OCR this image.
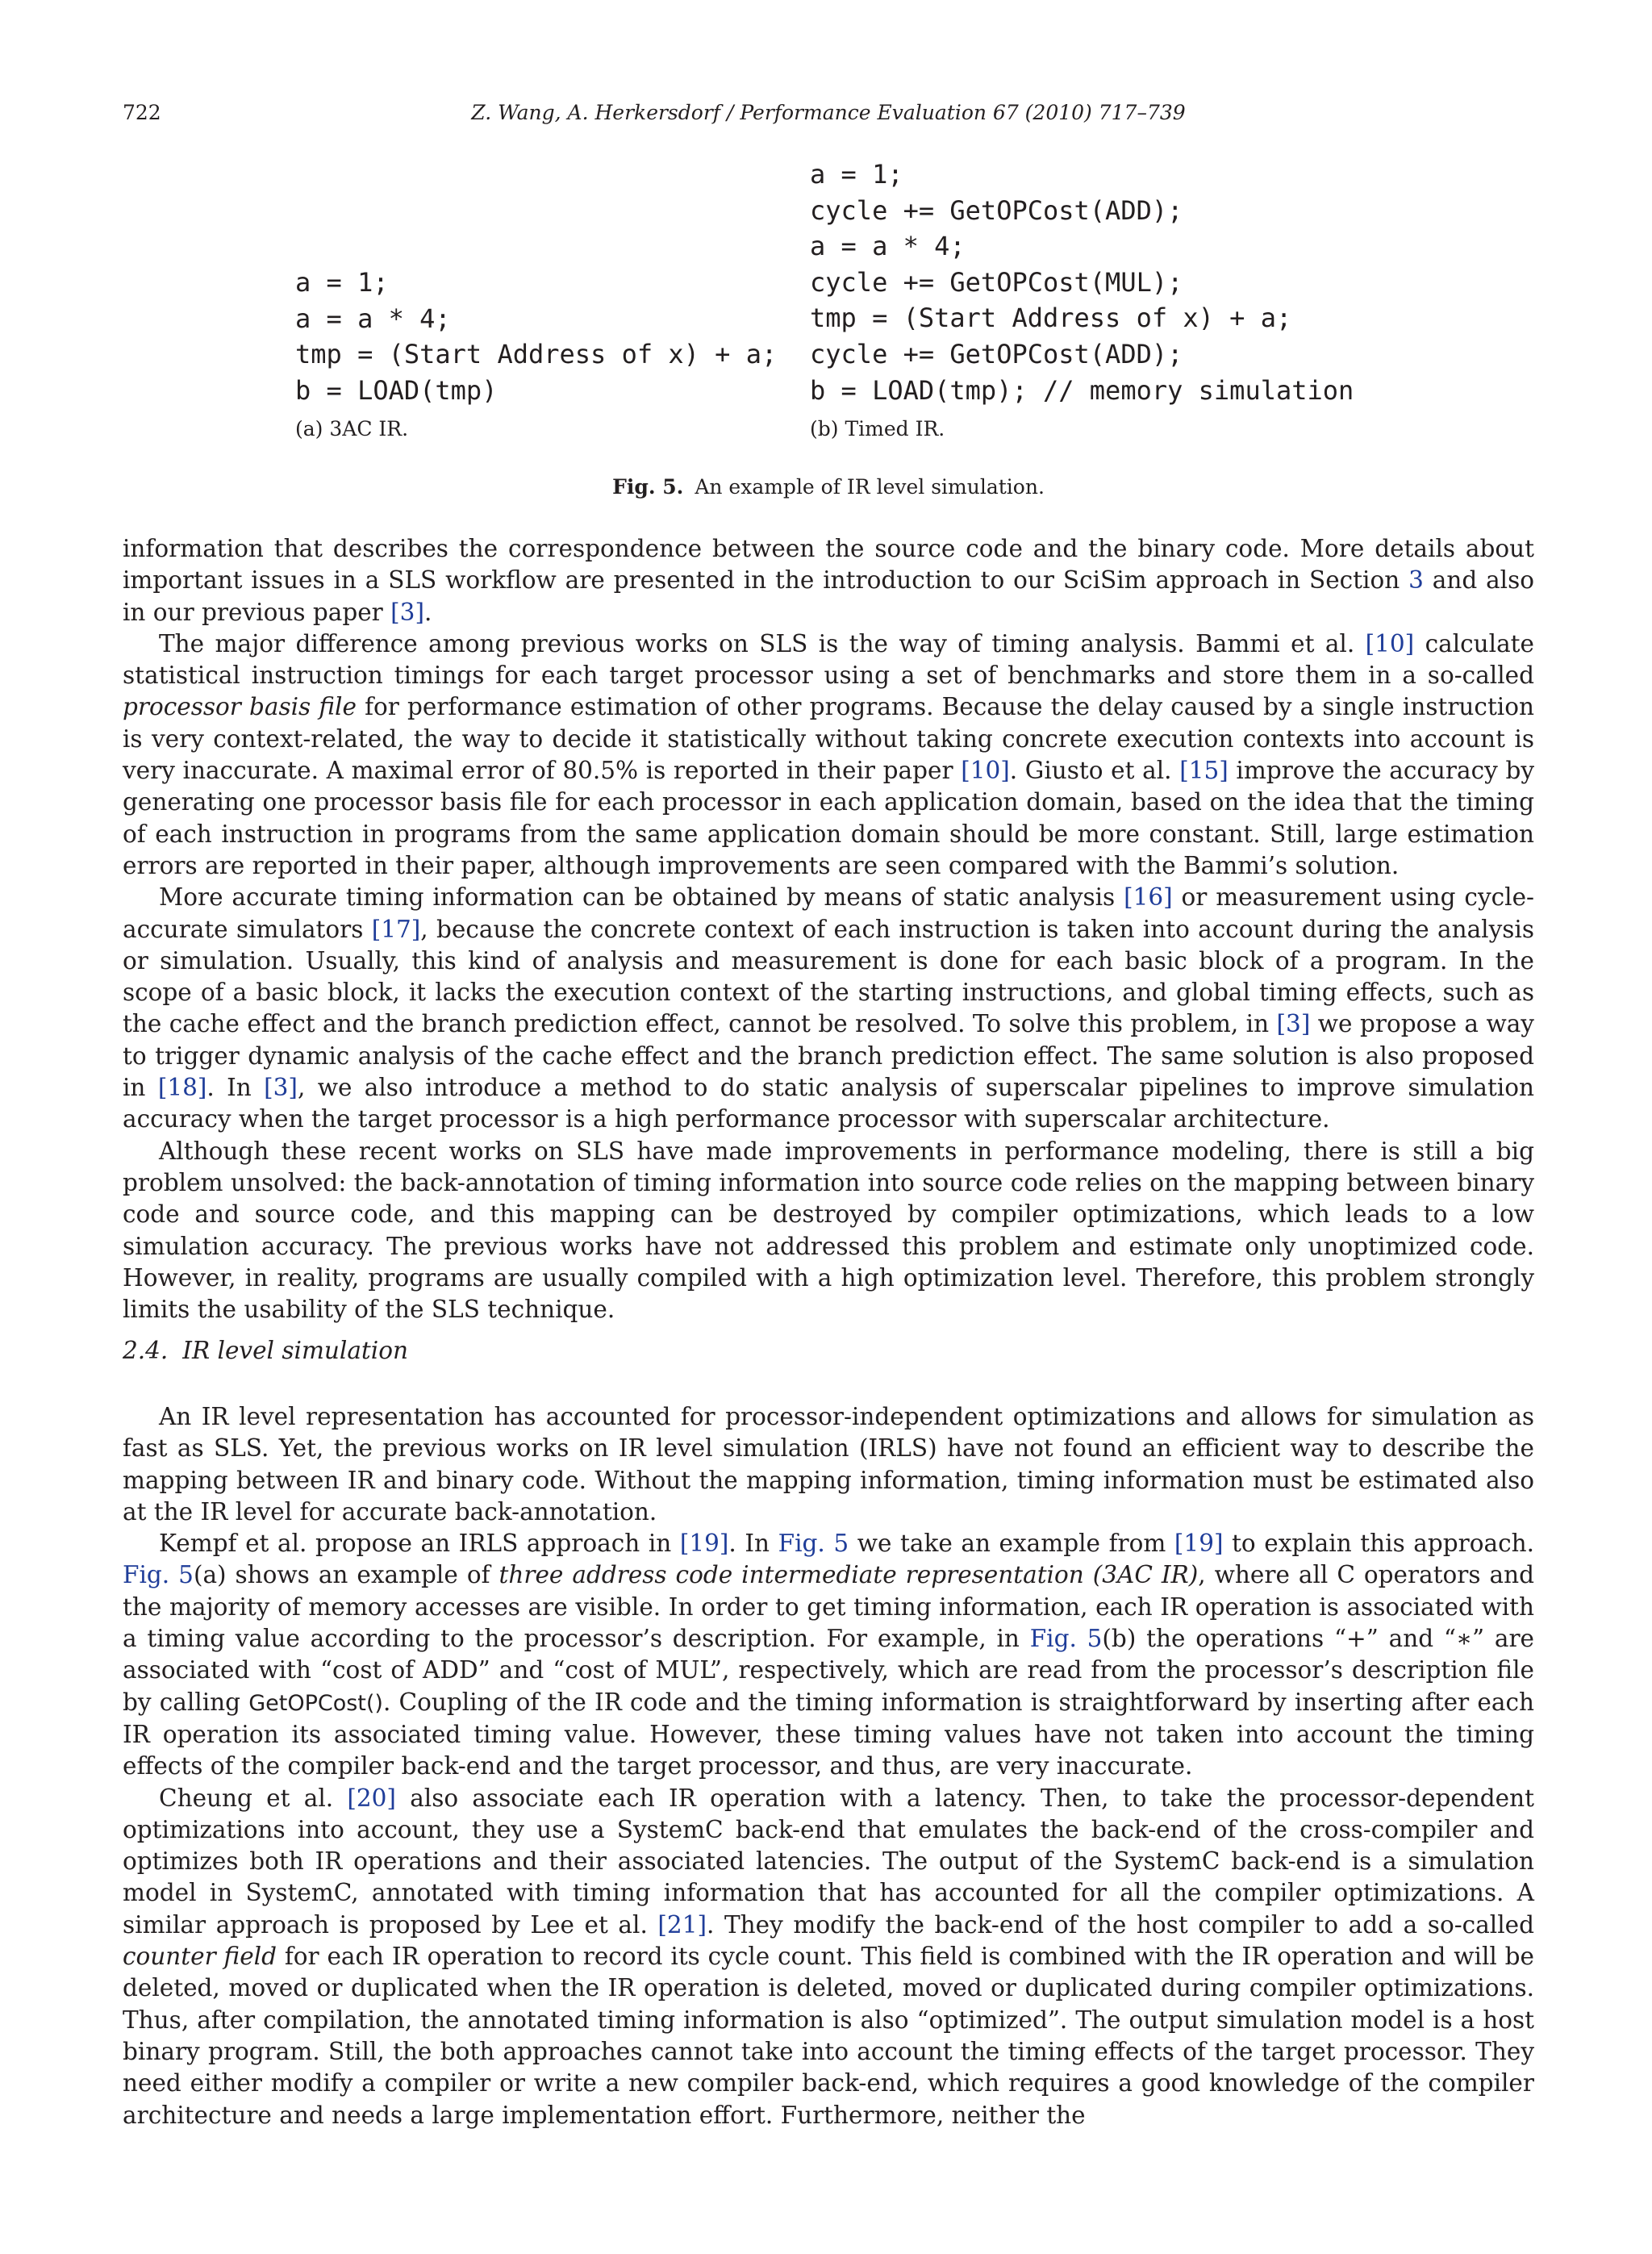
722	Z. Wang, A. Herkersdorf / Performance Evaluation 67 (2010) 717–739
a = 1;
a = a * 4;
tmp = (Start Address of x) + a;
b = LOAD(tmp)
a = 1;
cycle += GetOPCost(ADD);
a = a * 4;
cycle += GetOPCost(MUL);
tmp = (Start Address of x) + a;
cycle += GetOPCost(ADD);
b = LOAD(tmp); // memory simulation
(a) 3AC IR.	(b) Timed IR.
Fig. 5. An example of IR level simulation.

information that describes the correspondence between the source code and the binary code. More details about important issues in a SLS workflow are presented in the introduction to our SciSim approach in Section 3 and also in our previous paper [3].

The major difference among previous works on SLS is the way of timing analysis. Bammi et al. [10] calculate statistical instruction timings for each target processor using a set of benchmarks and store them in a so-called processor basis file for performance estimation of other programs. Because the delay caused by a single instruction is very context-related, the way to decide it statistically without taking concrete execution contexts into account is very inaccurate. A maximal error of 80.5% is reported in their paper [10]. Giusto et al. [15] improve the accuracy by generating one processor basis file for each processor in each application domain, based on the idea that the timing of each instruction in programs from the same application domain should be more constant. Still, large estimation errors are reported in their paper, although improvements are seen compared with the Bammi’s solution.

More accurate timing information can be obtained by means of static analysis [16] or measurement using cycle-accurate simulators [17], because the concrete context of each instruction is taken into account during the analysis or simulation. Usually, this kind of analysis and measurement is done for each basic block of a program. In the scope of a basic block, it lacks the execution context of the starting instructions, and global timing effects, such as the cache effect and the branch prediction effect, cannot be resolved. To solve this problem, in [3] we propose a way to trigger dynamic analysis of the cache effect and the branch prediction effect. The same solution is also proposed in [18]. In [3], we also introduce a method to do static analysis of superscalar pipelines to improve simulation accuracy when the target processor is a high performance processor with superscalar architecture.

Although these recent works on SLS have made improvements in performance modeling, there is still a big problem unsolved: the back-annotation of timing information into source code relies on the mapping between binary code and source code, and this mapping can be destroyed by compiler optimizations, which leads to a low simulation accuracy. The previous works have not addressed this problem and estimate only unoptimized code. However, in reality, programs are usually compiled with a high optimization level. Therefore, this problem strongly limits the usability of the SLS technique.

2.4. IR level simulation

An IR level representation has accounted for processor-independent optimizations and allows for simulation as fast as SLS. Yet, the previous works on IR level simulation (IRLS) have not found an efficient way to describe the mapping between IR and binary code. Without the mapping information, timing information must be estimated also at the IR level for accurate back-annotation.

Kempf et al. propose an IRLS approach in [19]. In Fig. 5 we take an example from [19] to explain this approach. Fig. 5(a) shows an example of three address code intermediate representation (3AC IR), where all C operators and the majority of memory accesses are visible. In order to get timing information, each IR operation is associated with a timing value according to the processor’s description. For example, in Fig. 5(b) the operations “+” and “∗” are associated with “cost of ADD” and “cost of MUL”, respectively, which are read from the processor’s description file by calling GetOPCost(). Coupling of the IR code and the timing information is straightforward by inserting after each IR operation its associated timing value. However, these timing values have not taken into account the timing effects of the compiler back-end and the target processor, and thus, are very inaccurate.

Cheung et al. [20] also associate each IR operation with a latency. Then, to take the processor-dependent optimizations into account, they use a SystemC back-end that emulates the back-end of the cross-compiler and optimizes both IR operations and their associated latencies. The output of the SystemC back-end is a simulation model in SystemC, annotated with timing information that has accounted for all the compiler optimizations. A similar approach is proposed by Lee et al. [21]. They modify the back-end of the host compiler to add a so-called counter field for each IR operation to record its cycle count. This field is combined with the IR operation and will be deleted, moved or duplicated when the IR operation is deleted, moved or duplicated during compiler optimizations. Thus, after compilation, the annotated timing information is also “optimized”. The output simulation model is a host binary program. Still, the both approaches cannot take into account the timing effects of the target processor. They need either modify a compiler or write a new compiler back-end, which requires a good knowledge of the compiler architecture and needs a large implementation effort. Furthermore, neither the
